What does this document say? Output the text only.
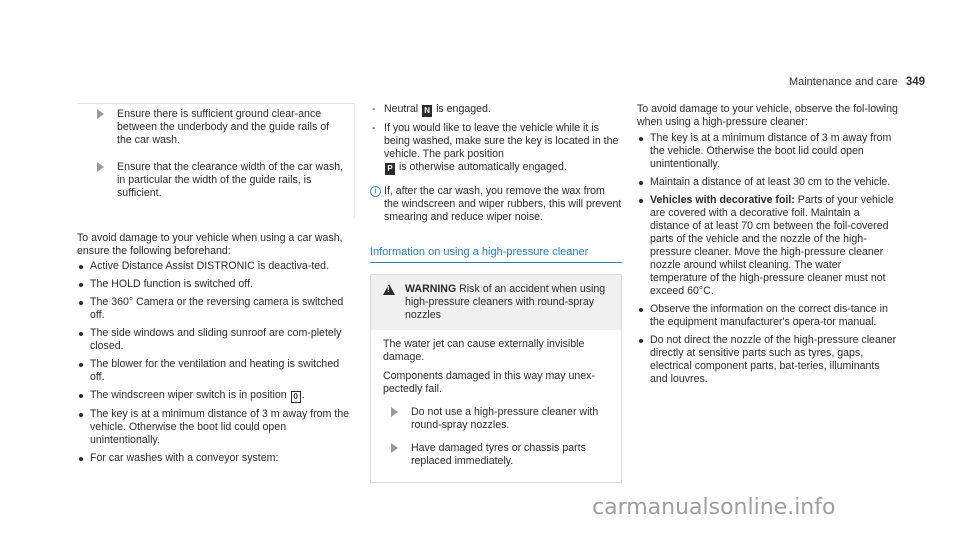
Maintenance and care 349
Ensure there is sufficient ground clear-ance between the underbody and the guide rails of the car wash.
Ensure that the clearance width of the car wash, in particular the width of the guide rails, is sufficient.

To avoid damage to your vehicle when using a car wash, ensure the following beforehand:

Active Distance Assist DISTRONIC is deactiva-ted.
The HOLD function is switched off.
The 360° Camera or the reversing camera is switched off.
The side windows and sliding sunroof are com-pletely closed.
The blower for the ventilation and heating is switched off.
The windscreen wiper switch is in position 0 .
The key is at a minimum distance of 3 m away from the vehicle. Otherwise the boot lid could open unintentionally.
For car washes with a conveyor system:
- Neutral N is engaged.
- If you would like to leave the vehicle while it is being washed, make sure the key is located in the vehicle. The park position
P is otherwise automatically engaged.
i If, after the car wash, you remove the wax from the windscreen and wiper rubbers, this will prevent smearing and reduce wiper noise.
Information on using a high-pressure cleaner
!
WARNING Risk of an accident when using high-pressure cleaners with round-spray nozzles

The water jet can cause externally invisible damage.

Components damaged in this way may unex-pectedly fail.

Do not use a high-pressure cleaner with round-spray nozzles.
Have damaged tyres or chassis parts replaced immediately.

To avoid damage to your vehicle, observe the fol-lowing when using a high-pressure cleaner:

The key is at a minimum distance of 3 m away from the vehicle. Otherwise the boot lid could open unintentionally.
Maintain a distance of at least 30 cm to the vehicle.
Vehicles with decorative foil: Parts of your vehicle are covered with a decorative foil. Maintain a distance of at least 70 cm between the foil-covered parts of the vehicle and the nozzle of the high-pressure cleaner. Move the high-pressure cleaner nozzle around whilst cleaning. The water temperature of the high-pressure cleaner must not exceed 60°C.
Observe the information on the correct dis-tance in the equipment manufacturer's opera-tor manual.
Do not direct the nozzle of the high-pressure cleaner directly at sensitive parts such as tyres, gaps, electrical component parts, bat-teries, illuminants and louvres.
carmanualsonline.info
